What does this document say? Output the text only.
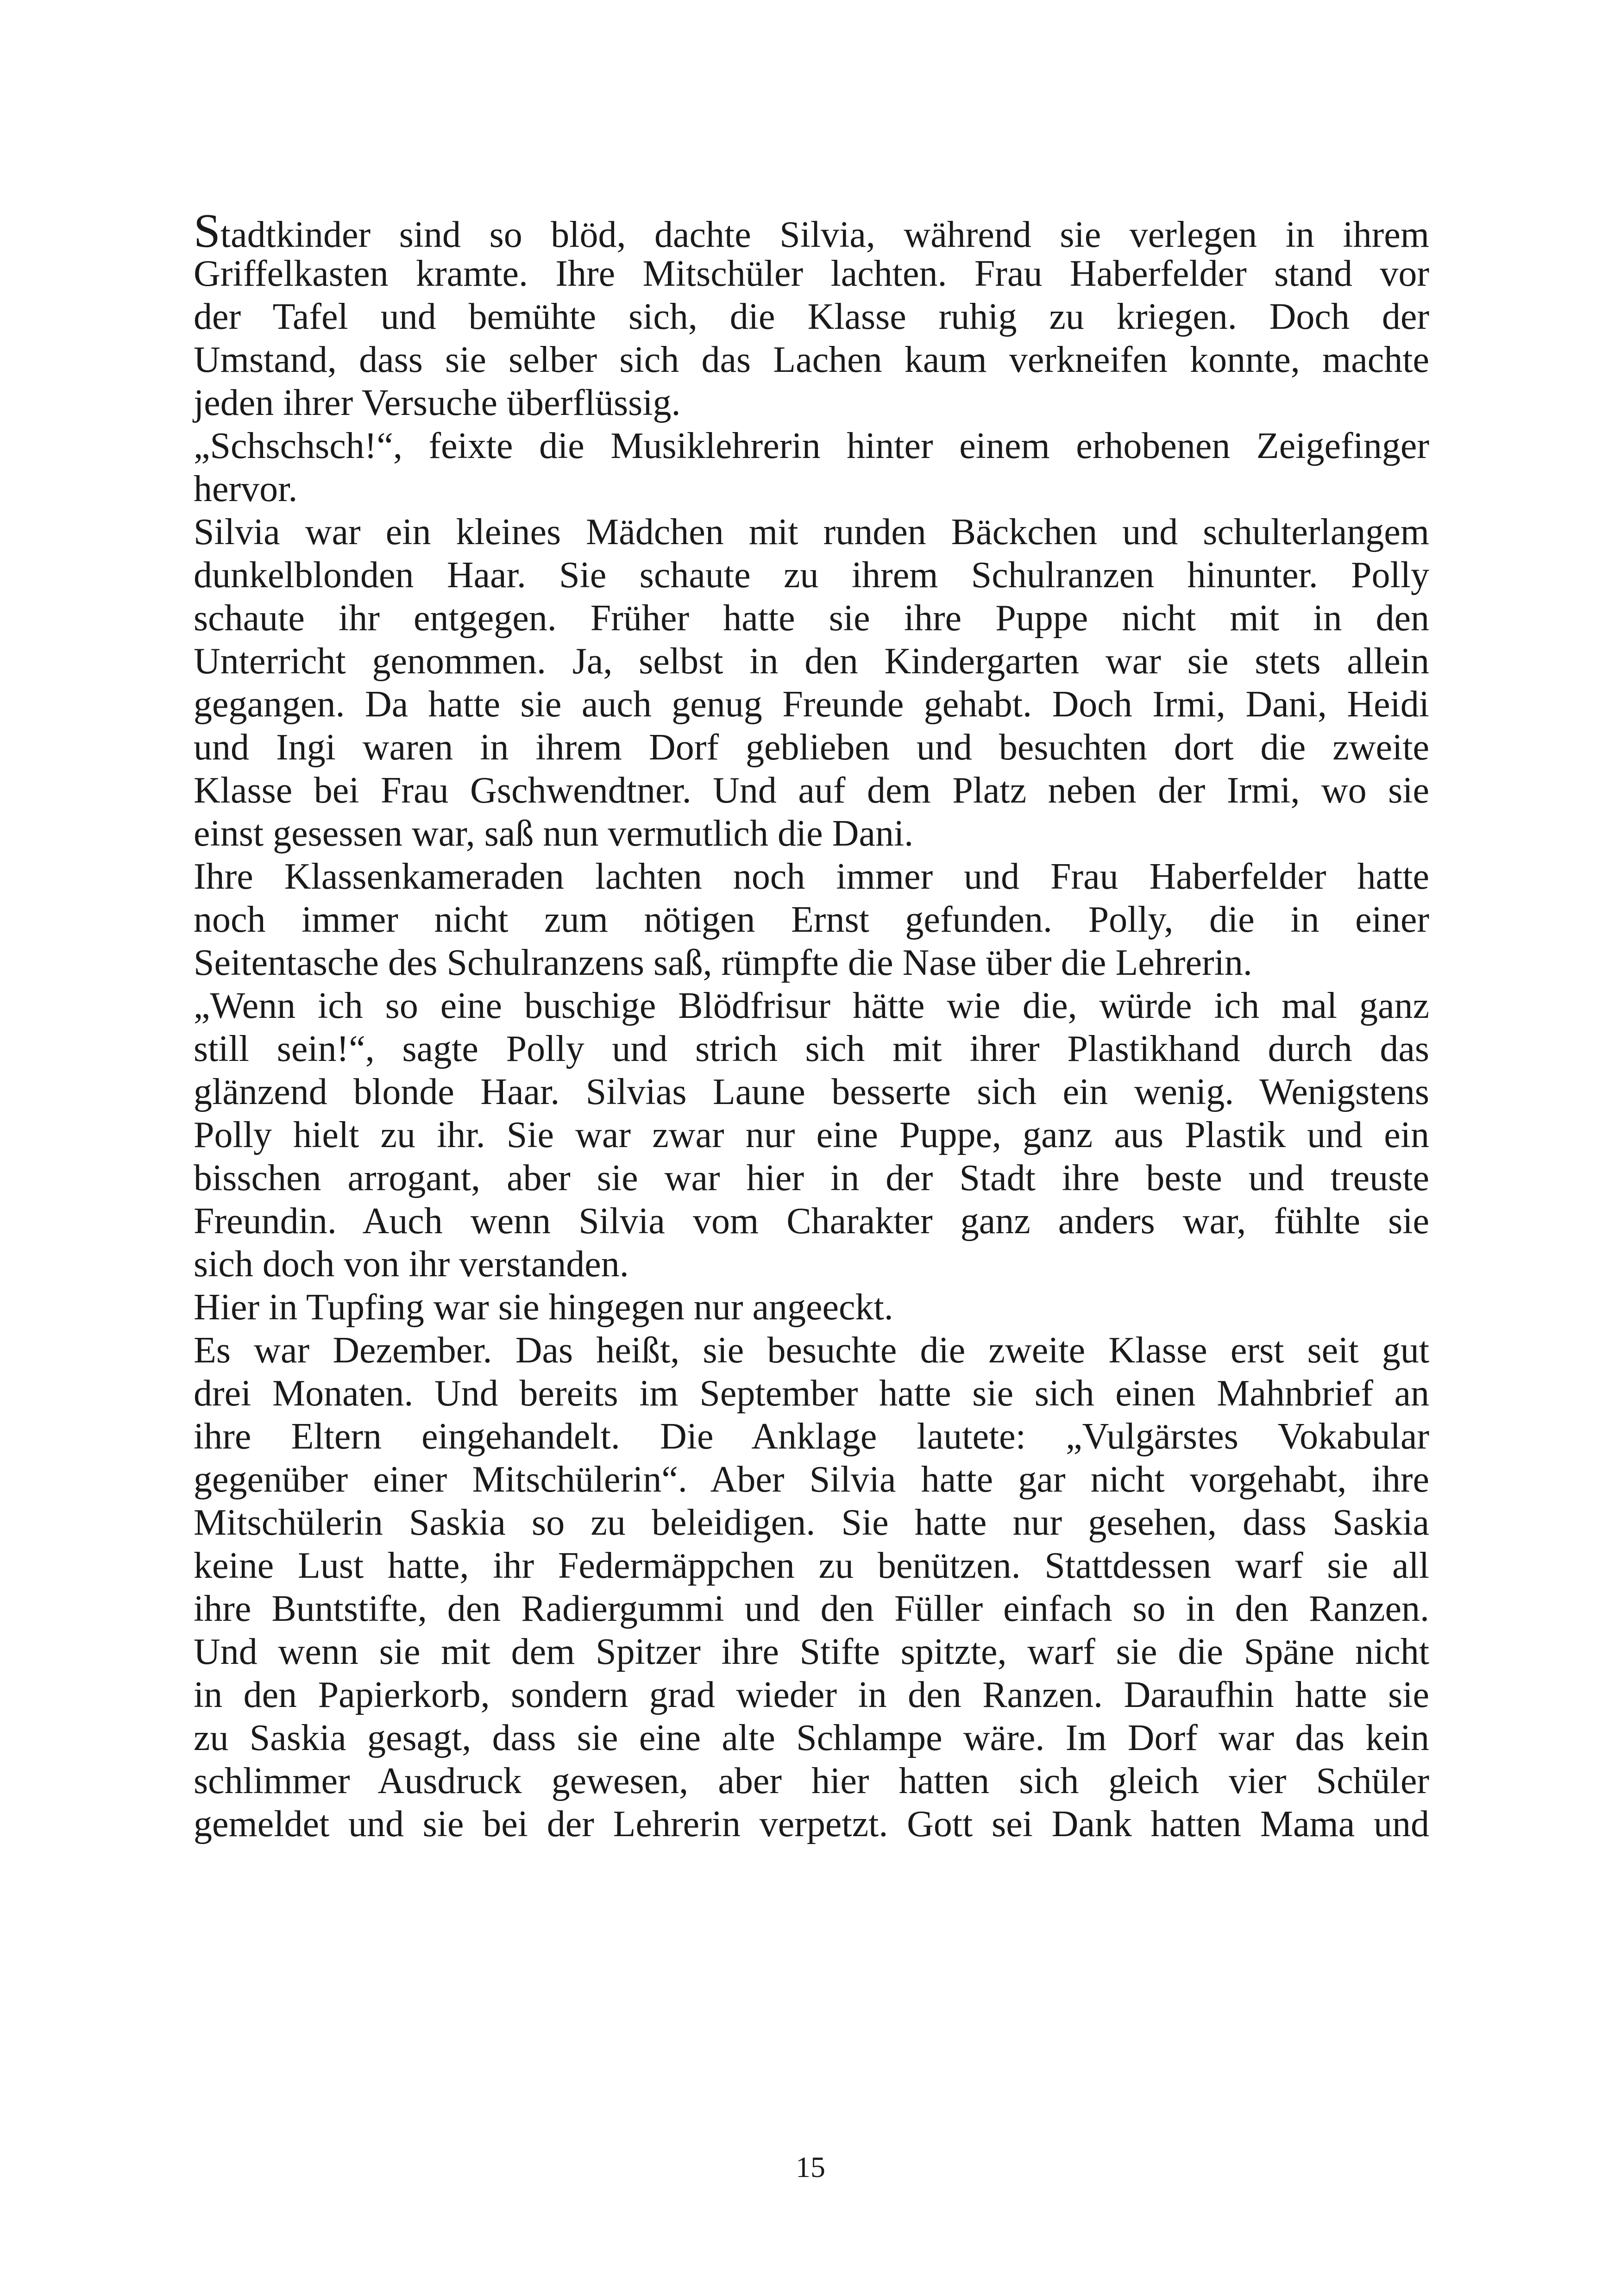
Stadtkinder sind so blöd, dachte Silvia, während sie verlegen in ihrem
Griffelkasten kramte. Ihre Mitschüler lachten. Frau Haberfelder stand vor
der Tafel und bemühte sich, die Klasse ruhig zu kriegen. Doch der
Umstand, dass sie selber sich das Lachen kaum verkneifen konnte, machte
jeden ihrer Versuche überflüssig.
„Schschsch!“, feixte die Musiklehrerin hinter einem erhobenen Zeigefinger
hervor.
Silvia war ein kleines Mädchen mit runden Bäckchen und schulterlangem
dunkelblonden Haar. Sie schaute zu ihrem Schulranzen hinunter. Polly
schaute ihr entgegen. Früher hatte sie ihre Puppe nicht mit in den
Unterricht genommen. Ja, selbst in den Kindergarten war sie stets allein
gegangen. Da hatte sie auch genug Freunde gehabt. Doch Irmi, Dani, Heidi
und Ingi waren in ihrem Dorf geblieben und besuchten dort die zweite
Klasse bei Frau Gschwendtner. Und auf dem Platz neben der Irmi, wo sie
einst gesessen war, saß nun vermutlich die Dani.
Ihre Klassenkameraden lachten noch immer und Frau Haberfelder hatte
noch immer nicht zum nötigen Ernst gefunden. Polly, die in einer
Seitentasche des Schulranzens saß, rümpfte die Nase über die Lehrerin.
„Wenn ich so eine buschige Blödfrisur hätte wie die, würde ich mal ganz
still sein!“, sagte Polly und strich sich mit ihrer Plastikhand durch das
glänzend blonde Haar. Silvias Laune besserte sich ein wenig. Wenigstens
Polly hielt zu ihr. Sie war zwar nur eine Puppe, ganz aus Plastik und ein
bisschen arrogant, aber sie war hier in der Stadt ihre beste und treuste
Freundin. Auch wenn Silvia vom Charakter ganz anders war, fühlte sie
sich doch von ihr verstanden.
Hier in Tupfing war sie hingegen nur angeeckt.
Es war Dezember. Das heißt, sie besuchte die zweite Klasse erst seit gut
drei Monaten. Und bereits im September hatte sie sich einen Mahnbrief an
ihre Eltern eingehandelt. Die Anklage lautete: „Vulgärstes Vokabular
gegenüber einer Mitschülerin“. Aber Silvia hatte gar nicht vorgehabt, ihre
Mitschülerin Saskia so zu beleidigen. Sie hatte nur gesehen, dass Saskia
keine Lust hatte, ihr Federmäppchen zu benützen. Stattdessen warf sie all
ihre Buntstifte, den Radiergummi und den Füller einfach so in den Ranzen.
Und wenn sie mit dem Spitzer ihre Stifte spitzte, warf sie die Späne nicht
in den Papierkorb, sondern grad wieder in den Ranzen. Daraufhin hatte sie
zu Saskia gesagt, dass sie eine alte Schlampe wäre. Im Dorf war das kein
schlimmer Ausdruck gewesen, aber hier hatten sich gleich vier Schüler
gemeldet und sie bei der Lehrerin verpetzt. Gott sei Dank hatten Mama und
15
